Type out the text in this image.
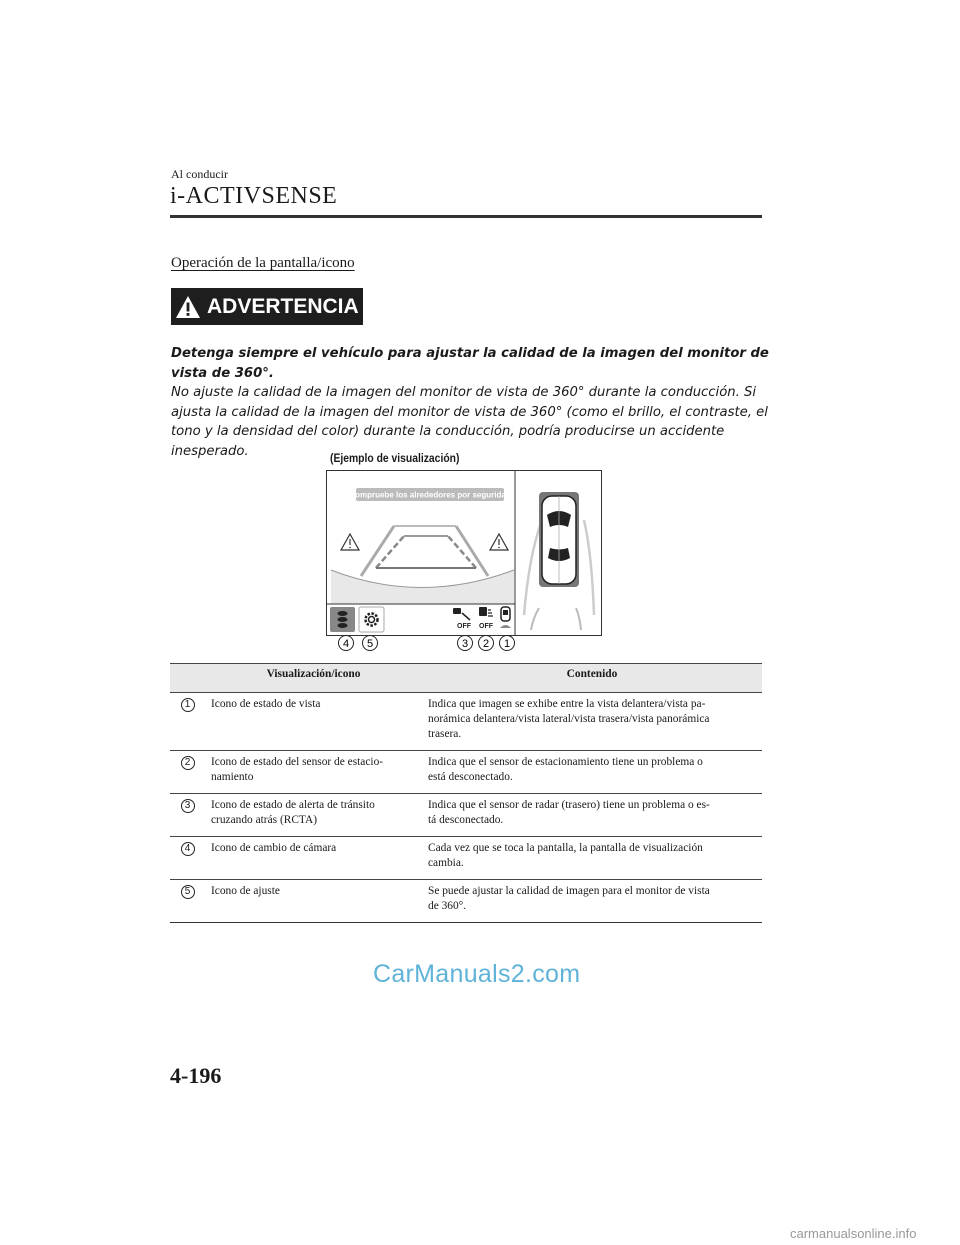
Al conducir
i-ACTIVSENSE
Operación de la pantalla/icono
ADVERTENCIA
Detenga siempre el vehículo para ajustar la calidad de la imagen del monitor de vista de 360°.
No ajuste la calidad de la imagen del monitor de vista de 360° durante la conducción. Si ajusta la calidad de la imagen del monitor de vista de 360° (como el brillo, el contraste, el tono y la densidad del color) durante la conducción, podría producirse un accidente inesperado.
(Ejemplo de visualización)
Compruebe los alrededores por seguridad
OFF OFF
4 5	3 2 1
	Visualización/icono	Contenido
1	Icono de estado de vista	Indica que imagen se exhibe entre la vista delantera/vista pa-
norámica delantera/vista lateral/vista trasera/vista panorámica
trasera.
2	Icono de estado del sensor de estacio-
namiento	Indica que el sensor de estacionamiento tiene un problema o
está desconectado.
3	Icono de estado de alerta de tránsito
cruzando atrás (RCTA)	Indica que el sensor de radar (trasero) tiene un problema o es-
tá desconectado.
4	Icono de cambio de cámara	Cada vez que se toca la pantalla, la pantalla de visualización
cambia.
5	Icono de ajuste	Se puede ajustar la calidad de imagen para el monitor de vista
de 360°.
CarManuals2.com
4-196
carmanualsonline.info
